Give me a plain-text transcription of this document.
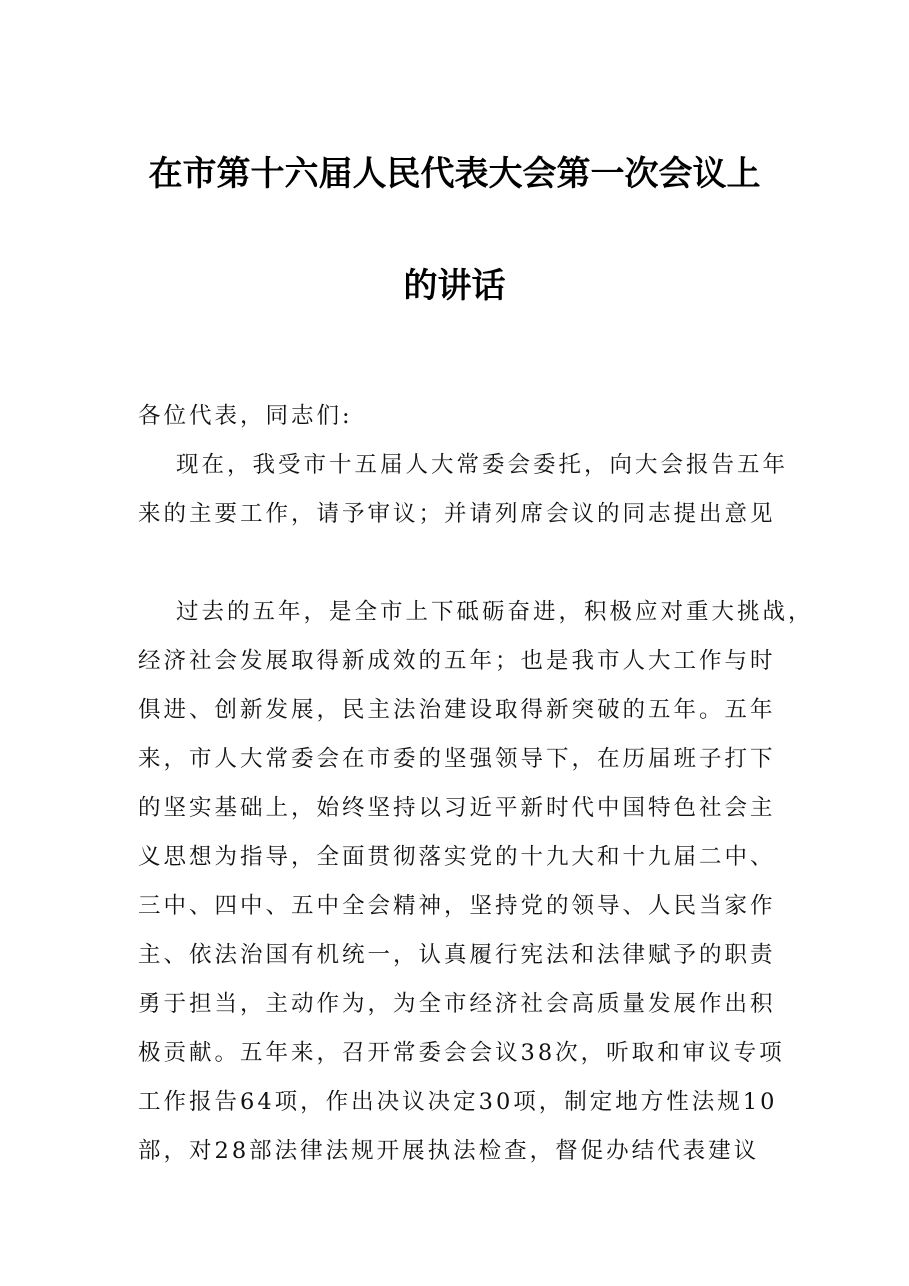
在市第十六届人民代表大会第一次会议上
的讲话
各位代表，同志们:
现在，我受市十五届人大常委会委托，向大会报告五年
来的主要工作，请予审议；并请列席会议的同志提出意见
过去的五年，是全市上下砥砺奋进，积极应对重大挑战，
经济社会发展取得新成效的五年；也是我市人大工作与时
俱进、创新发展，民主法治建设取得新突破的五年。五年
来，市人大常委会在市委的坚强领导下，在历届班子打下
的坚实基础上，始终坚持以习近平新时代中国特色社会主
义思想为指导，全面贯彻落实党的十九大和十九届二中、
三中、四中、五中全会精神，坚持党的领导、人民当家作
主、依法治国有机统一，认真履行宪法和法律赋予的职责
勇于担当，主动作为，为全市经济社会高质量发展作出积
极贡献。五年来，召开常委会会议38次，听取和审议专项
工作报告64项，作出决议决定30项，制定地方性法规10
部，对28部法律法规开展执法检查，督促办结代表建议
